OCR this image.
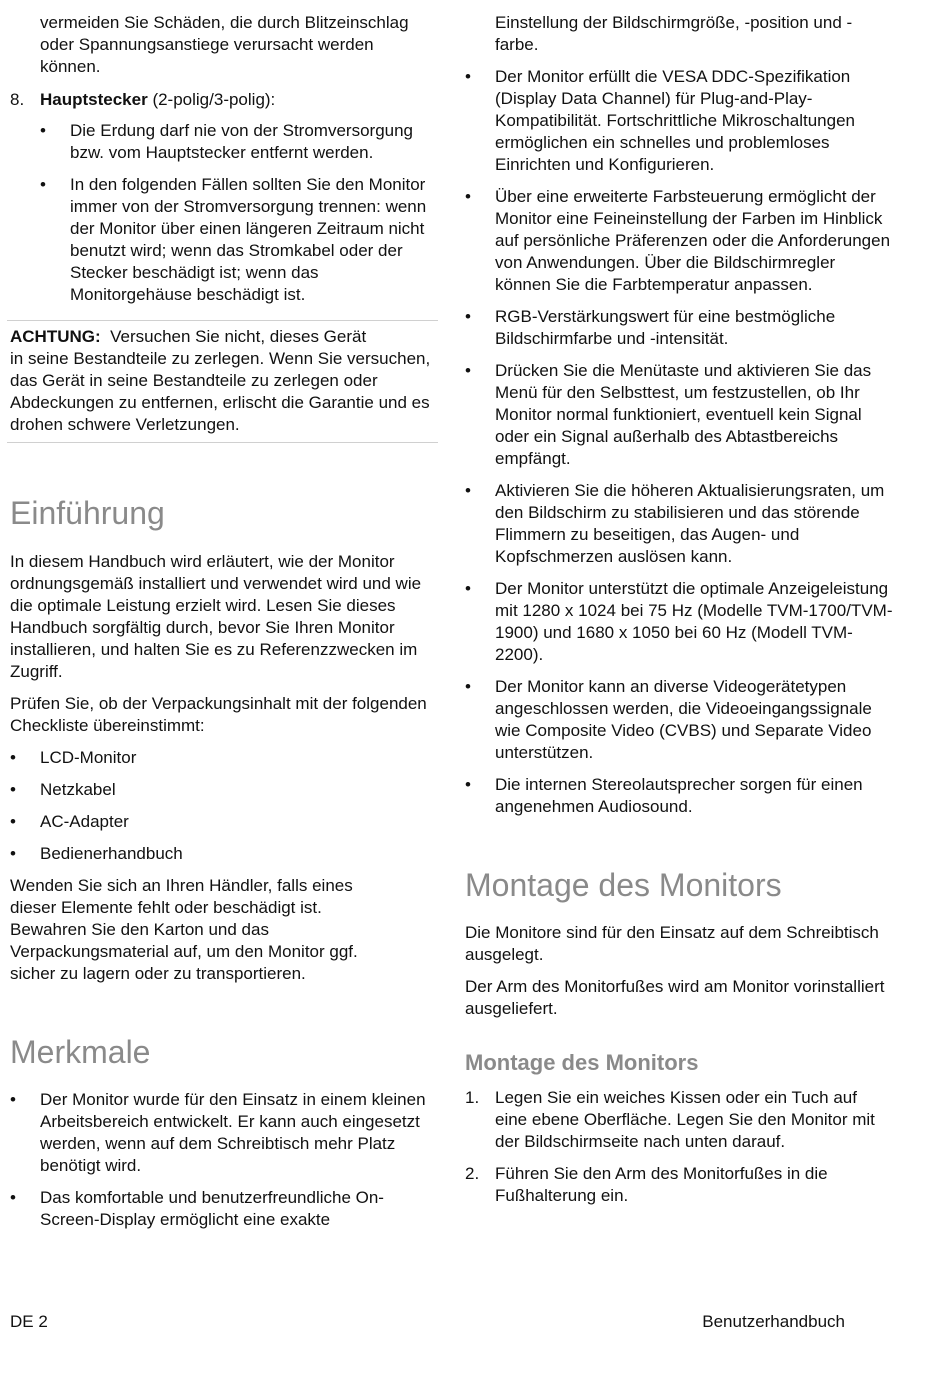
vermeiden Sie Schäden, die durch Blitzeinschlag oder Spannungsanstiege verursacht werden können.

8. Hauptstecker (2-polig/3-polig):
• Die Erdung darf nie von der Stromversorgung bzw. vom Hauptstecker entfernt werden.
• In den folgenden Fällen sollten Sie den Monitor immer von der Stromversorgung trennen: wenn der Monitor über einen längeren Zeitraum nicht benutzt wird; wenn das Stromkabel oder der Stecker beschädigt ist; wenn das Monitorgehäuse beschädigt ist.

ACHTUNG:  Versuchen Sie nicht, dieses Gerät
in seine Bestandteile zu zerlegen. Wenn Sie versuchen, das Gerät in seine Bestandteile zu zerlegen oder Abdeckungen zu entfernen, erlischt die Garantie und es drohen schwere Verletzungen.

Einführung

In diesem Handbuch wird erläutert, wie der Monitor ordnungsgemäß installiert und verwendet wird und wie die optimale Leistung erzielt wird. Lesen Sie dieses Handbuch sorgfältig durch, bevor Sie Ihren Monitor installieren, und halten Sie es zu Referenzzwecken im Zugriff.

Prüfen Sie, ob der Verpackungsinhalt mit der folgenden Checkliste übereinstimmt:

• LCD-Monitor
• Netzkabel
• AC-Adapter
• Bedienerhandbuch

Wenden Sie sich an Ihren Händler, falls eines dieser Elemente fehlt oder beschädigt ist. Bewahren Sie den Karton und das Verpackungsmaterial auf, um den Monitor ggf. sicher zu lagern oder zu transportieren.

Merkmale
• Der Monitor wurde für den Einsatz in einem kleinen Arbeitsbereich entwickelt. Er kann auch eingesetzt werden, wenn auf dem Schreibtisch mehr Platz benötigt wird.
• Das komfortable und benutzerfreundliche On-Screen-Display ermöglicht eine exakte

Einstellung der Bildschirmgröße, -position und -farbe.

• Der Monitor erfüllt die VESA DDC-Spezifikation (Display Data Channel) für Plug-and-Play-Kompatibilität. Fortschrittliche Mikroschaltungen ermöglichen ein schnelles und problemloses Einrichten und Konfigurieren.
• Über eine erweiterte Farbsteuerung ermöglicht der Monitor eine Feineinstellung der Farben im Hinblick auf persönliche Präferenzen oder die Anforderungen von Anwendungen. Über die Bildschirmregler können Sie die Farbtemperatur anpassen.
• RGB-Verstärkungswert für eine bestmögliche Bildschirmfarbe und -intensität.
• Drücken Sie die Menütaste und aktivieren Sie das Menü für den Selbsttest, um festzustellen, ob Ihr Monitor normal funktioniert, eventuell kein Signal oder ein Signal außerhalb des Abtastbereichs empfängt.
• Aktivieren Sie die höheren Aktualisierungsraten, um den Bildschirm zu stabilisieren und das störende Flimmern zu beseitigen, das Augen- und Kopfschmerzen auslösen kann.
• Der Monitor unterstützt die optimale Anzeigeleistung mit 1280 x 1024 bei 75 Hz (Modelle TVM-1700/TVM-1900) und 1680 x 1050 bei 60 Hz (Modell TVM-2200).
• Der Monitor kann an diverse Videogerätetypen angeschlossen werden, die Videoeingangssignale wie Composite Video (CVBS) und Separate Video unterstützen.
• Die internen Stereolautsprecher sorgen für einen angenehmen Audiosound.
Montage des Monitors

Die Monitore sind für den Einsatz auf dem Schreibtisch ausgelegt.

Der Arm des Monitorfußes wird am Monitor vorinstalliert ausgeliefert.

Montage des Monitors
1. Legen Sie ein weiches Kissen oder ein Tuch auf eine ebene Oberfläche. Legen Sie den Monitor mit der Bildschirmseite nach unten darauf.
2. Führen Sie den Arm des Monitorfußes in die Fußhalterung ein.
DE 2	Benutzerhandbuch
